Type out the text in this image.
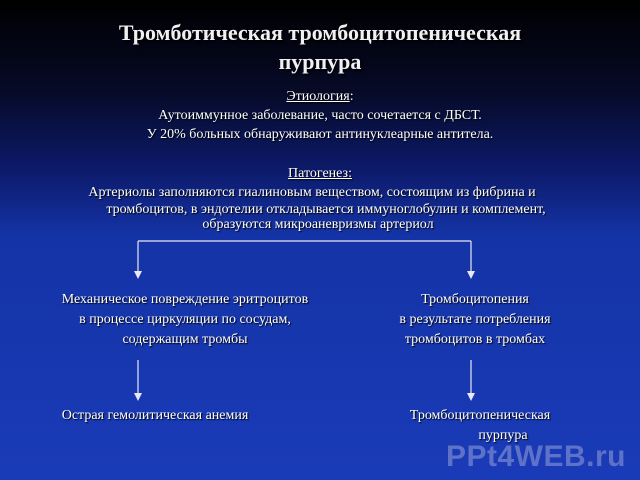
Тромботическая тромбоцитопеническая
пурпура
Этиология:
Аутоиммунное заболевание, часто сочетается с ДБСТ.
У 20% больных обнаруживают антинуклеарные антитела.
Патогенез:
Артериолы заполняются гиалиновым веществом, состоящим из фибрина и
тромбоцитов, в эндотелии откладывается иммуноглобулин и комплемент,
образуются микроаневризмы артериол
Механическое повреждение эритроцитов
в процессе циркуляции по сосудам,
содержащим тромбы
Тромбоцитопения
в результате потребления
тромбоцитов в тромбах
Острая гемолитическая анемия	Тромбоцитопеническая
пурпура
PPt4WEB.ru
